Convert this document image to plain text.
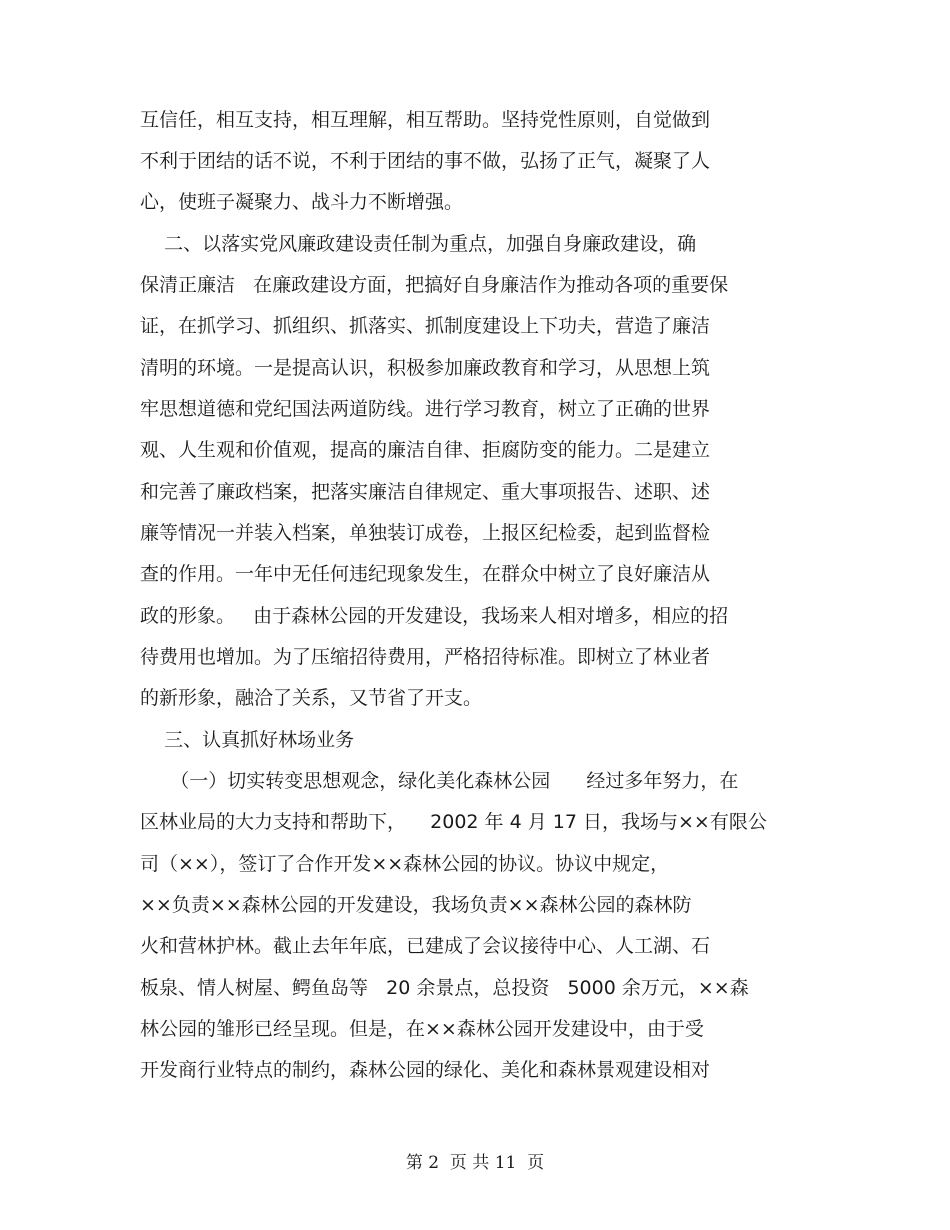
互信任，相互支持，相互理解，相互帮助。坚持党性原则，自觉做到
不利于团结的话不说，不利于团结的事不做，弘扬了正气，凝聚了人
心，使班子凝聚力、战斗力不断增强。
二、以落实党风廉政建设责任制为重点，加强自身廉政建设，确
保清正廉洁   在廉政建设方面，把搞好自身廉洁作为推动各项的重要保
证，在抓学习、抓组织、抓落实、抓制度建设上下功夫，营造了廉洁
清明的环境。一是提高认识，积极参加廉政教育和学习，从思想上筑
牢思想道德和党纪国法两道防线。进行学习教育，树立了正确的世界
观、人生观和价值观，提高的廉洁自律、拒腐防变的能力。二是建立
和完善了廉政档案，把落实廉洁自律规定、重大事项报告、述职、述
廉等情况一并装入档案，单独装订成卷，上报区纪检委，起到监督检
查的作用。一年中无任何违纪现象发生，在群众中树立了良好廉洁从
政的形象。   由于森林公园的开发建设，我场来人相对增多，相应的招
待费用也增加。为了压缩招待费用，严格招待标准。即树立了林业者
的新形象，融洽了关系，又节省了开支。
三、认真抓好林场业务
（一）切实转变思想观念，绿化美化森林公园      经过多年努力，在
区林业局的大力支持和帮助下，    2002 年 4 月 17 日，我场与××有限公
司（××），签订了合作开发××森林公园的协议。协议中规定，
××负责××森林公园的开发建设，我场负责××森林公园的森林防
火和营林护林。截止去年年底，已建成了会议接待中心、人工湖、石
板泉、情人树屋、鳄鱼岛等   20 余景点，总投资   5000 余万元，××森
林公园的雏形已经呈现。但是，在××森林公园开发建设中，由于受
开发商行业特点的制约，森林公园的绿化、美化和森林景观建设相对
第 2  页 共 11  页
